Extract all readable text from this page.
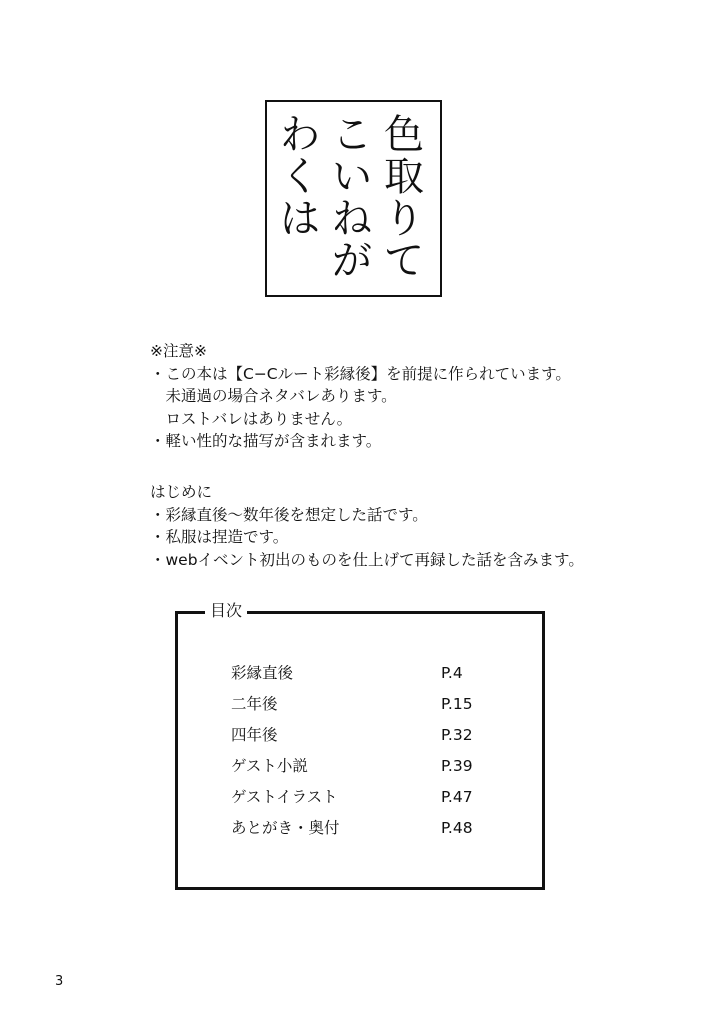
色
取
り
て
こ
い
ね
が
わ
く
は
※注意※
・この本は【C−Cルート彩縁後】を前提に作られています。
　未通過の場合ネタバレあります。
　ロストバレはありません。
・軽い性的な描写が含まれます。
はじめに
・彩縁直後〜数年後を想定した話です。
・私服は捏造です。
・webイベント初出のものを仕上げて再録した話を含みます。
目次
彩縁直後	P.4
二年後	P.15
四年後	P.32
ゲスト小説	P.39
ゲストイラスト	P.47
あとがき・奥付	P.48
3
